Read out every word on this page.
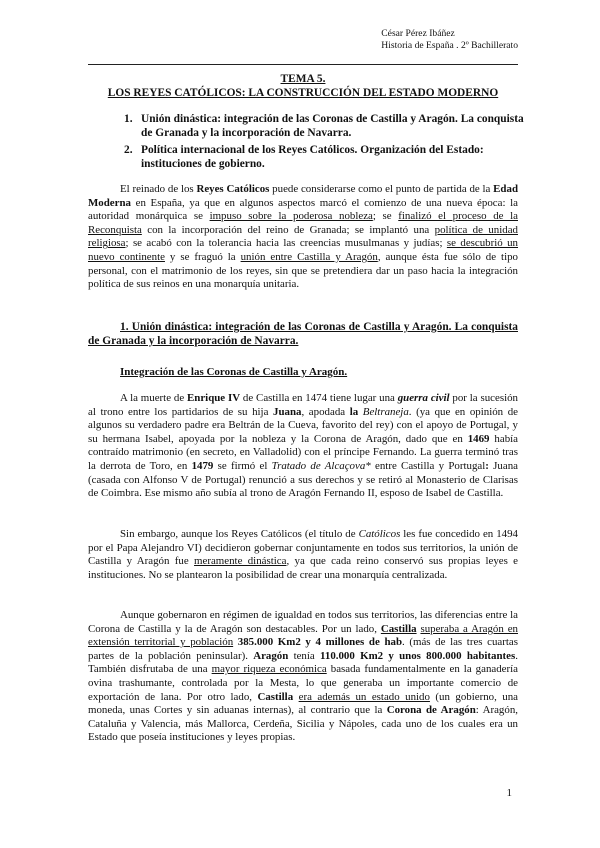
César Pérez Ibáñez
Historia de España . 2º Bachillerato
TEMA 5.
LOS REYES CATÓLICOS: LA CONSTRUCCIÓN DEL ESTADO MODERNO
1. Unión dinástica: integración de las Coronas de Castilla y Aragón. La conquista de Granada y la incorporación de Navarra.
2. Política internacional de los Reyes Católicos. Organización del Estado: instituciones de gobierno.

El reinado de los Reyes Católicos puede considerarse como el punto de partida de la Edad Moderna en España, ya que en algunos aspectos marcó el comienzo de una nueva época: la autoridad monárquica se impuso sobre la poderosa nobleza; se finalizó el proceso de la Reconquista con la incorporación del reino de Granada; se implantó una política de unidad religiosa; se acabó con la tolerancia hacia las creencias musulmanas y judías; se descubrió un nuevo continente y se fraguó la unión entre Castilla y Aragón, aunque ésta fue sólo de tipo personal, con el matrimonio de los reyes, sin que se pretendiera dar un paso hacia la integración política de sus reinos en una monarquía unitaria.

1. Unión dinástica: integración de las Coronas de Castilla y Aragón. La conquista de Granada y la incorporación de Navarra.
Integración de las Coronas de Castilla y Aragón.

A la muerte de Enrique IV de Castilla en 1474 tiene lugar una guerra civil por la sucesión al trono entre los partidarios de su hija Juana, apodada la Beltraneja. (ya que en opinión de algunos su verdadero padre era Beltrán de la Cueva, favorito del rey) con el apoyo de Portugal, y su hermana Isabel, apoyada por la nobleza y la Corona de Aragón, dado que en 1469 había contraído matrimonio (en secreto, en Valladolid) con el príncipe Fernando. La guerra terminó tras la derrota de Toro, en 1479 se firmó el Tratado de Alcaçova* entre Castilla y Portugal: Juana (casada con Alfonso V de Portugal) renunció a sus derechos y se retiró al Monasterio de Clarisas de Coimbra. Ese mismo año subía al trono de Aragón Fernando II, esposo de Isabel de Castilla.

Sin embargo, aunque los Reyes Católicos (el título de Católicos les fue concedido en 1494 por el Papa Alejandro VI) decidieron gobernar conjuntamente en todos sus territorios, la unión de Castilla y Aragón fue meramente dinástica, ya que cada reino conservó sus propias leyes e instituciones. No se plantearon la posibilidad de crear una monarquía centralizada.

Aunque gobernaron en régimen de igualdad en todos sus territorios, las diferencias entre la Corona de Castilla y la de Aragón son destacables. Por un lado, Castilla superaba a Aragón en extensión territorial y población 385.000 Km2 y 4 millones de hab. (más de las tres cuartas partes de la población peninsular). Aragón tenía 110.000 Km2 y unos 800.000 habitantes. También disfrutaba de una mayor riqueza económica basada fundamentalmente en la ganadería ovina trashumante, controlada por la Mesta, lo que generaba un importante comercio de exportación de lana. Por otro lado, Castilla era además un estado unido (un gobierno, una moneda, unas Cortes y sin aduanas internas), al contrario que la Corona de Aragón: Aragón, Cataluña y Valencia, más Mallorca, Cerdeña, Sicilia y Nápoles, cada uno de los cuales era un Estado que poseía instituciones y leyes propias.

1
